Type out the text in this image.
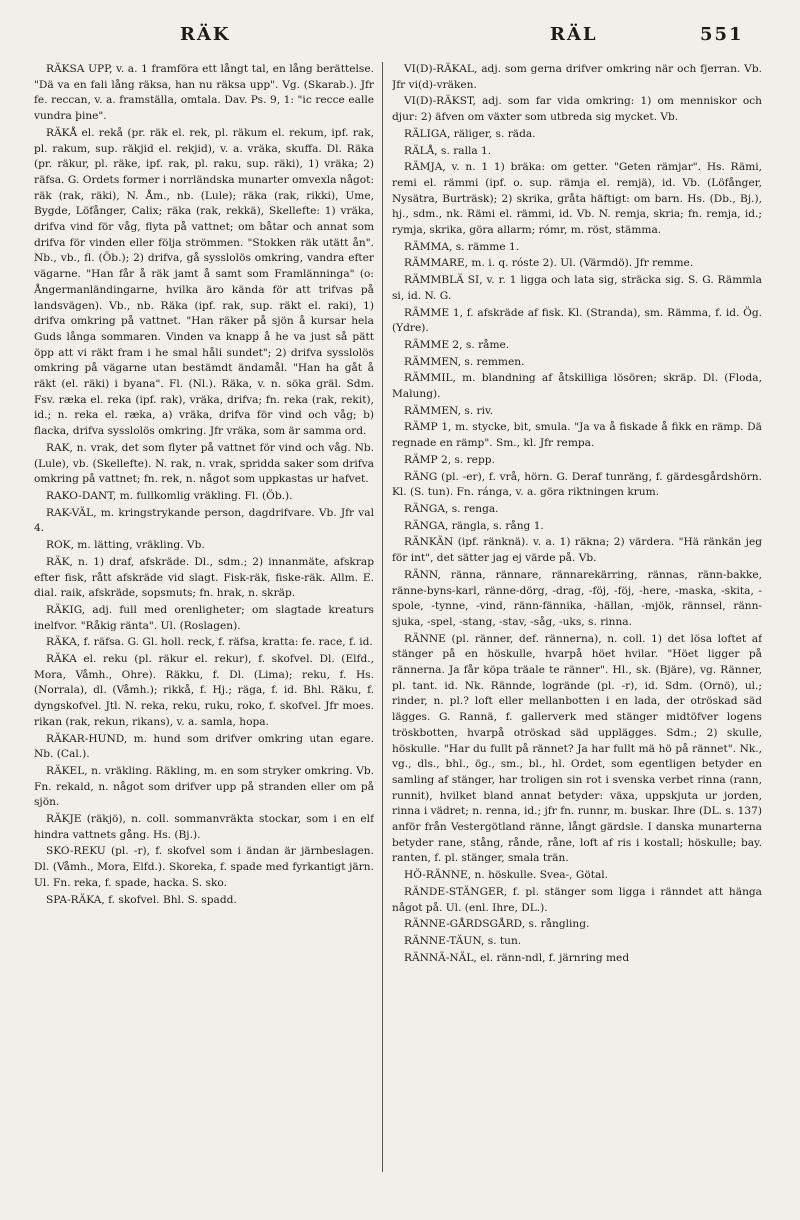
RÄK	RÄL	551

RÄKSA UPP, v. a. 1 framföra ett långt tal, en lång berättelse. "Dä va en fali lång räksa, han nu räksa upp". Vg. (Skarab.). Jfr fe. reccan, v. a. framställa, omtala. Dav. Ps. 9, 1: "ic recce ealle vundra þine".

RÄKÅ el. rekå (pr. räk el. rek, pl. räkum el. rekum, ipf. rak, pl. rakum, sup. räkjid el. rekjid), v. a. vräka, skuffa. Dl. Räka (pr. räkur, pl. räke, ipf. rak, pl. raku, sup. räki), 1) vräka; 2) räfsa. G. Ordets former i norrländska munarter omvexla något: räk (rak, räki), N. Åm., nb. (Lule); räka (rak, rikki), Ume, Bygde, Löfånger, Calix; räka (rak, rekkä), Skellefte: 1) vräka, drifva vind för våg, flyta på vattnet; om båtar och annat som drifva för vinden eller följa strömmen. "Stokken räk utätt ån". Nb., vb., fl. (Öb.); 2) drifva, gå sysslolös omkring, vandra efter vägarne. "Han får å räk jamt å samt som Framlänninga" (o: Ångermanländingarne, hvilka äro kända för att trifvas på landsvägen). Vb., nb. Räka (ipf. rak, sup. räkt el. raki), 1) drifva omkring på vattnet. "Han räker på sjön å kursar hela Guds långa sommaren. Vinden va knapp å he va just så pätt öpp att vi räkt fram i he smal håli sundet"; 2) drifva sysslolös omkring på vägarne utan bestämdt ändamål. "Han ha gåt å räkt (el. räki) i byana". Fl. (Nl.). Räka, v. n. söka gräl. Sdm. Fsv. ræka el. reka (ipf. rak), vräka, drifva; fn. reka (rak, rekit), id.; n. reka el. ræka, a) vräka, drifva för vind och våg; b) flacka, drifva sysslolös omkring. Jfr vräka, som är samma ord.

RAK, n. vrak, det som flyter på vattnet för vind och våg. Nb. (Lule), vb. (Skellefte). N. rak, n. vrak, spridda saker som drifva omkring på vattnet; fn. rek, n. något som uppkastas ur hafvet.

RAKO-DANT, m. fullkomlig vräkling. Fl. (Öb.).

RAK-VÄL, m. kringstrykande person, dagdrifvare. Vb. Jfr val 4.

ROK, m. lätting, vräkling. Vb.

RÄK, n. 1) draf, afskräde. Dl., sdm.; 2) innanmäte, afskrap efter fisk, rått afskräde vid slagt. Fisk-räk, fiske-räk. Allm. E. dial. raik, afskräde, sopsmuts; fn. hrak, n. skräp.

RÄKIG, adj. full med orenligheter; om slagtade kreaturs inelfvor. "Råkig ränta". Ul. (Roslagen).

RÄKA, f. räfsa. G. Gl. holl. reck, f. räfsa, kratta: fe. race, f. id.

RÄKA el. reku (pl. räkur el. rekur), f. skofvel. Dl. (Elfd., Mora, Våmh., Ohre). Räkku, f. Dl. (Lima); reku, f. Hs. (Norrala), dl. (Våmh.); rikkå, f. Hj.; räga, f. id. Bhl. Räku, f. dyngskofvel. Jtl. N. reka, reku, ruku, roko, f. skofvel. Jfr moes. rikan (rak, rekun, rikans), v. a. samla, hopa.

RÄKAR-HUND, m. hund som drifver omkring utan egare. Nb. (Cal.).

RÄKEL, n. vräkling. Räkling, m. en som stryker omkring. Vb. Fn. rekald, n. något som drifver upp på stranden eller om på sjön.

RÄKJE (räkjö), n. coll. sommanvräkta stockar, som i en elf hindra vattnets gång. Hs. (Bj.).

SKO-REKU (pl. -r), f. skofvel som i ändan är järnbeslagen. Dl. (Våmh., Mora, Elfd.). Skoreka, f. spade med fyrkantigt järn. Ul. Fn. reka, f. spade, hacka. S. sko.

SPA-RÄKA, f. skofvel. Bhl. S. spadd.

VI(D)-RÄKAL, adj. som gerna drifver omkring när och fjerran. Vb. Jfr vi(d)-vräken.

VI(D)-RÄKST, adj. som far vida omkring: 1) om menniskor och djur: 2) äfven om växter som utbreda sig mycket. Vb.

RÄLIGA, räliger, s. räda.

RÄLÅ, s. ralla 1.

RÄMJA, v. n. 1 1) bräka: om getter. "Geten rämjar". Hs. Rämi, remi el. rämmi (ipf. o. sup. rämja el. remjä), id. Vb. (Löfånger, Nysätra, Burträsk); 2) skrika, gråta häftigt: om barn. Hs. (Db., Bj.), hj., sdm., nk. Rämi el. rämmi, id. Vb. N. remja, skria; fn. remja, id.; rymja, skrika, göra allarm; rómr, m. röst, stämma.

RÄMMA, s. rämme 1.

RÄMMARE, m. i. q. róste 2). Ul. (Värmdö). Jfr remme.

RÄMMBLÄ SI, v. r. 1 ligga och lata sig, sträcka sig. S. G. Rämmla si, id. N. G.

RÄMME 1, f. afskräde af fisk. Kl. (Stranda), sm. Rämma, f. id. Ög. (Ydre).

RÄMME 2, s. råme.

RÄMMEN, s. remmen.

RÄMMIL, m. blandning af åtskilliga lösören; skräp. Dl. (Floda, Malung).

RÄMMEN, s. riv.

RÄMP 1, m. stycke, bit, smula. "Ja va å fiskade å fikk en rämp. Dä regnade en rämp". Sm., kl. Jfr rempa.

RÄMP 2, s. repp.

RÄNG (pl. -er), f. vrå, hörn. G. Deraf tunräng, f. gärdesgårdshörn. Kl. (S. tun). Fn. ránga, v. a. göra riktningen krum.

RÄNGA, s. renga.

RÄNGA, rängla, s. rång 1.

RÄNKÄN (ipf. ränknä). v. a. 1) räkna; 2) värdera. "Hä ränkän jeg för int", det sätter jag ej värde på. Vb.

RÄNN, ränna, rännare, rännarekärring, rännas, ränn-bakke, ränne-byns-karl, ränne-dörg, -drag, -föj, -föj, -here, -maska, -skita, -spole, -tynne, -vind, ränn-fännika, -hällan, -mjök, rännsel, ränn-sjuka, -spel, -stang, -stav, -såg, -uks, s. rinna.

RÄNNE (pl. ränner, def. rännerna), n. coll. 1) det lösa loftet af stänger på en höskulle, hvarpå höet hvilar. "Höet ligger på rännerna. Ja får köpa träale te ränner". Hl., sk. (Bjäre), vg. Ränner, pl. tant. id. Nk. Rännde, logrände (pl. -r), id. Sdm. (Ornö), ul.; rinder, n. pl.? loft eller mellanbotten i en lada, der otröskad säd lägges. G. Rannä, f. gallerverk med stänger midtöfver logens tröskbotten, hvarpå otröskad säd upplägges. Sdm.; 2) skulle, höskulle. "Har du fullt på rännet? Ja har fullt mä hö på rännet". Nk., vg., dls., bhl., ög., sm., bl., hl. Ordet, som egentligen betyder en samling af stänger, har troligen sin rot i svenska verbet rinna (rann, runnit), hvilket bland annat betyder: växa, uppskjuta ur jorden, rinna i vädret; n. renna, id.; jfr fn. runnr, m. buskar. Ihre (DL. s. 137) anför från Vestergötland ränne, långt gärdsle. I danska munarterna betyder rane, stång, rånde, råne, loft af ris i kostall; höskulle; bay. ranten, f. pl. stänger, smala trän.

HÖ-RÄNNE, n. höskulle. Svea-, Götal.

RÄNDE-STÄNGER, f. pl. stänger som ligga i ränndet att hänga något på. Ul. (enl. Ihre, DL.).

RÄNNE-GÅRDSGÅRD, s. rångling.

RÄNNE-TÄUN, s. tun.

RÄNNÄ-NÄL, el. ränn-ndl, f. järnring med
